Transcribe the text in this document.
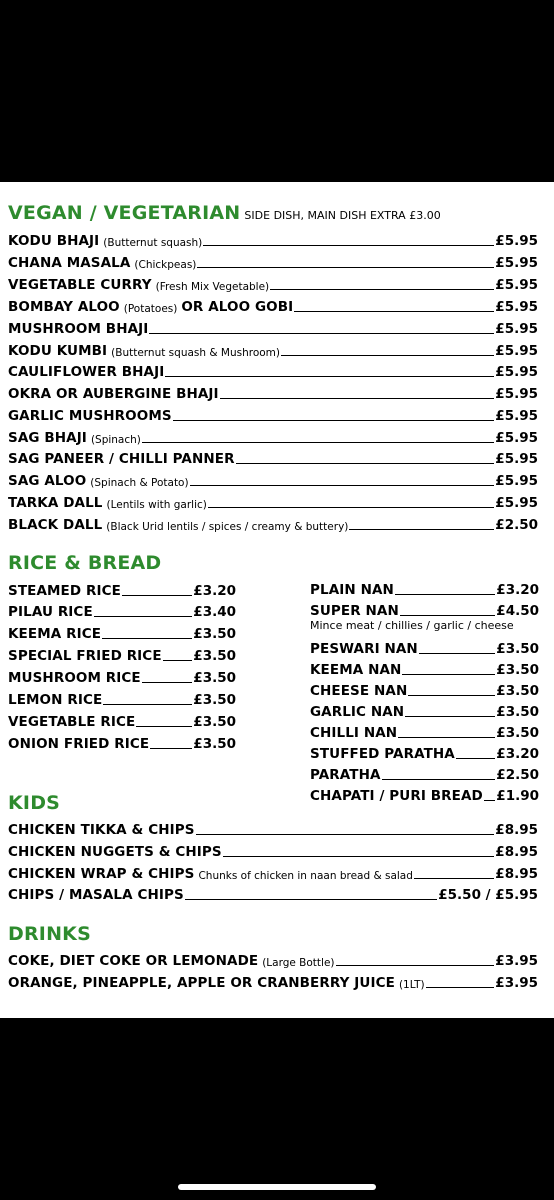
VEGAN / VEGETARIAN SIDE DISH, MAIN DISH EXTRA £3.00
KODU BHAJI (Butternut squash)	£5.95
CHANA MASALA (Chickpeas)	£5.95
VEGETABLE CURRY (Fresh Mix Vegetable)	£5.95
BOMBAY ALOO (Potatoes) OR ALOO GOBI	£5.95
MUSHROOM BHAJI	£5.95
KODU KUMBI (Butternut squash & Mushroom)	£5.95
CAULIFLOWER BHAJI	£5.95
OKRA OR AUBERGINE BHAJI	£5.95
GARLIC MUSHROOMS	£5.95
SAG BHAJI (Spinach)	£5.95
SAG PANEER / CHILLI PANNER	£5.95
SAG ALOO (Spinach & Potato)	£5.95
TARKA DALL (Lentils with garlic)	£5.95
BLACK DALL (Black Urid lentils / spices / creamy & buttery)	£2.50
RICE & BREAD
STEAMED RICE	£3.20
PILAU RICE	£3.40
KEEMA RICE	£3.50
SPECIAL FRIED RICE £3.50
MUSHROOM RICE	£3.50
LEMON RICE	£3.50
VEGETABLE RICE	£3.50
ONION FRIED RICE	£3.50
PLAIN NAN	£3.20
SUPER NAN	£4.50
Mince meat / chillies / garlic / cheese
PESWARI NAN	£3.50
KEEMA NAN	£3.50
CHEESE NAN	£3.50
GARLIC NAN	£3.50
CHILLI NAN	£3.50
STUFFED PARATHA	£3.20
PARATHA	£2.50
CHAPATI / PURI BREAD £1.90
KIDS
CHICKEN TIKKA & CHIPS	£8.95
CHICKEN NUGGETS & CHIPS	£8.95
CHICKEN WRAP & CHIPS Chunks of chicken in naan bread & salad	£8.95
CHIPS / MASALA CHIPS	£5.50 / £5.95
DRINKS
COKE, DIET COKE OR LEMONADE (Large Bottle)	£3.95
ORANGE, PINEAPPLE, APPLE OR CRANBERRY JUICE (1LT)	£3.95
